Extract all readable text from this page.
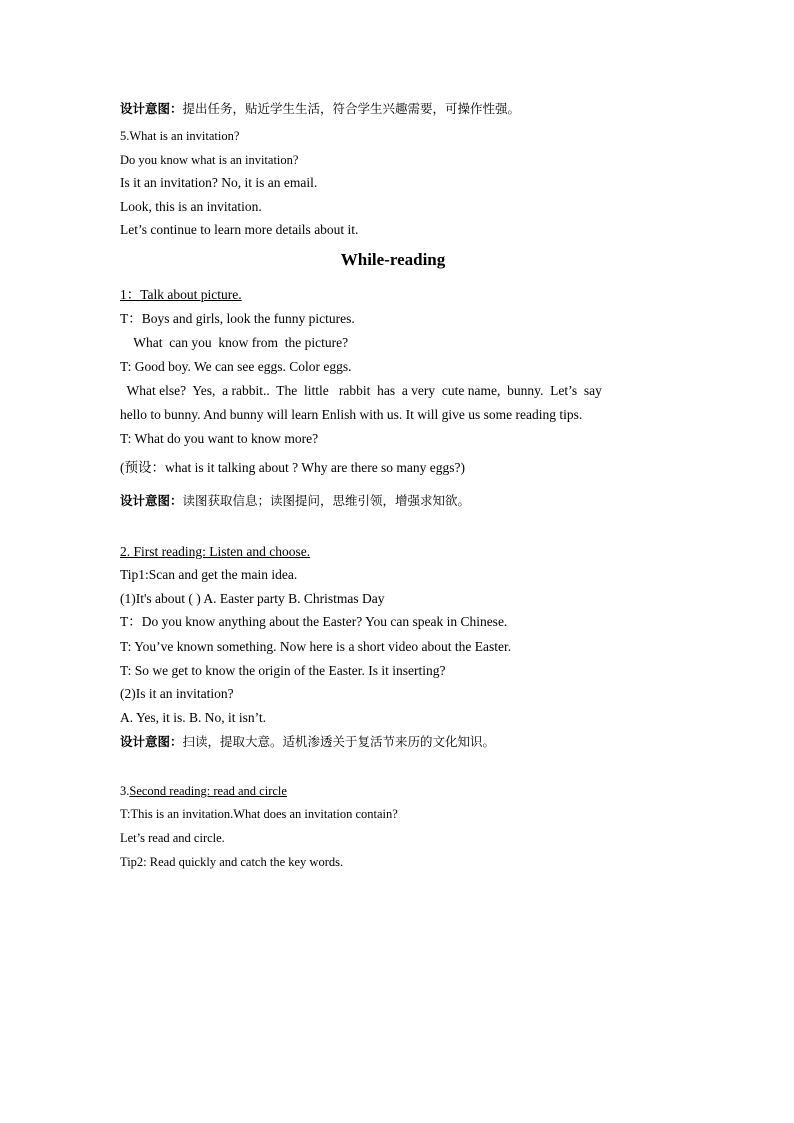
设计意图：提出任务，贴近学生生活，符合学生兴趣需要，可操作性强。
5.What is an invitation?
Do you know what is an invitation?
Is it an invitation? No, it is an email.
Look, this is an invitation.
Let’s continue to learn more details about it.
While-reading
1：Talk about picture.
T：Boys and girls, look the funny pictures.
What  can you  know from  the picture?
T: Good boy. We can see eggs. Color eggs.
What else?  Yes,  a rabbit..  The  little   rabbit  has  a very  cute name,  bunny.  Let’s  say
hello to bunny. And bunny will learn Enlish with us. It will give us some reading tips.
T: What do you want to know more?
(预设：what is it talking about ? Why are there so many eggs?)
设计意图：读图获取信息；读图提问，思维引领，增强求知欲。
2. First reading: Listen and choose.
Tip1:Scan and get the main idea.
(1)It's about ( ) A. Easter party B. Christmas Day
T：Do you know anything about the Easter? You can speak in Chinese.
T: You’ve known something. Now here is a short video about the Easter.
T: So we get to know the origin of the Easter. Is it inserting?
(2)Is it an invitation?
A. Yes, it is. B. No, it isn’t.
设计意图：扫读，提取大意。适机渗透关于复活节来历的文化知识。
3.Second reading: read and circle
T:This is an invitation.What does an invitation contain?
Let’s read and circle.
Tip2: Read quickly and catch the key words.
